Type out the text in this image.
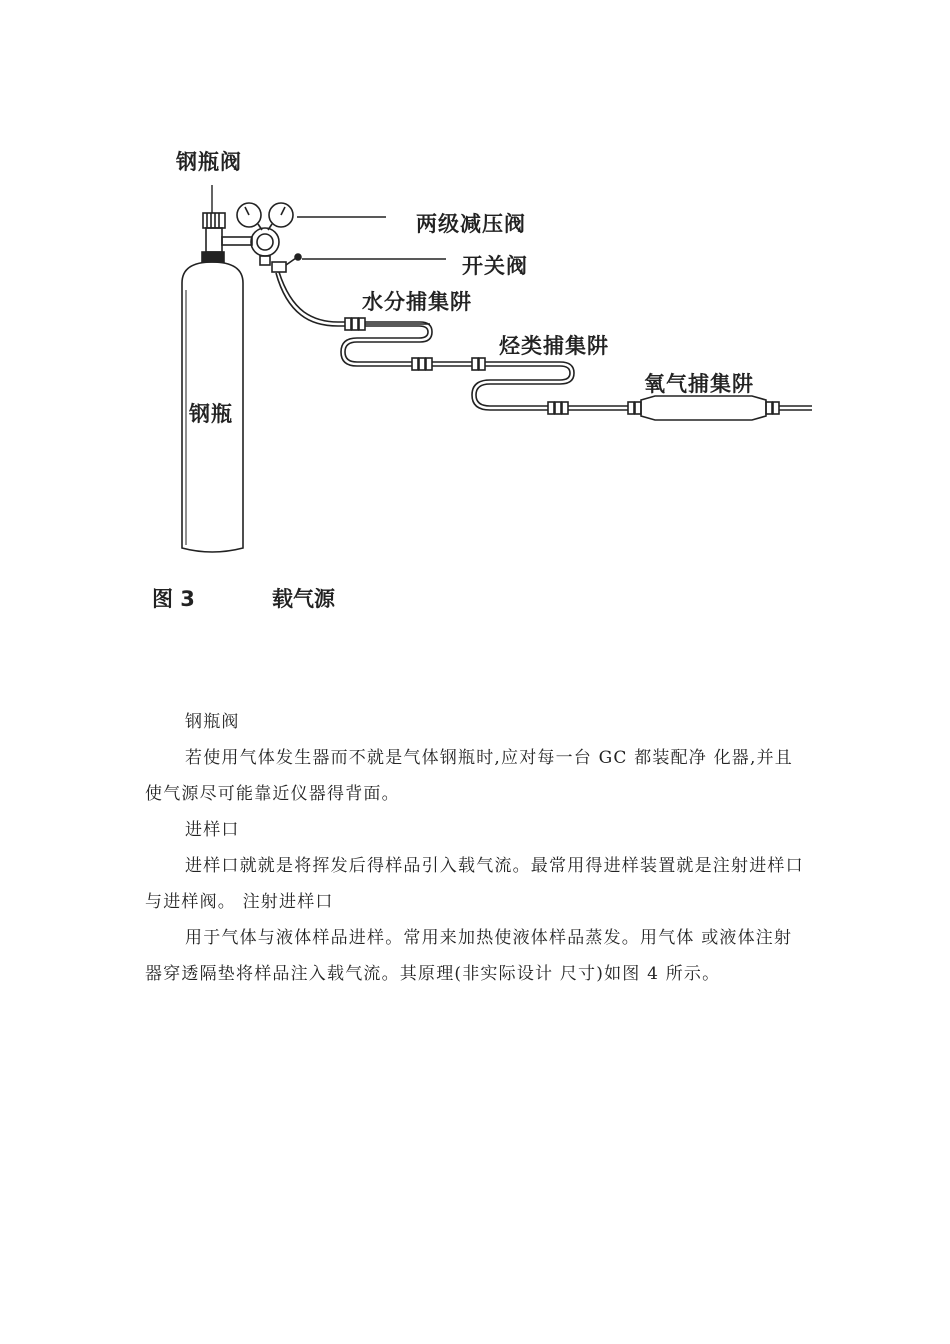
钢瓶阀
两级减压阀
开关阀
水分捕集阱
烃类捕集阱
氧气捕集阱
钢瓶
图 3	载气源

钢瓶阀

若使用气体发生器而不就是气体钢瓶时,应对每一台 GC 都装配净 化器,并且使气源尽可能靠近仪器得背面。

进样口

进样口就就是将挥发后得样品引入载气流。最常用得进样装置就是注射进样口与进样阀。 注射进样口

用于气体与液体样品进样。常用来加热使液体样品蒸发。用气体 或液体注射器穿透隔垫将样品注入载气流。其原理(非实际设计 尺寸)如图 4 所示。
